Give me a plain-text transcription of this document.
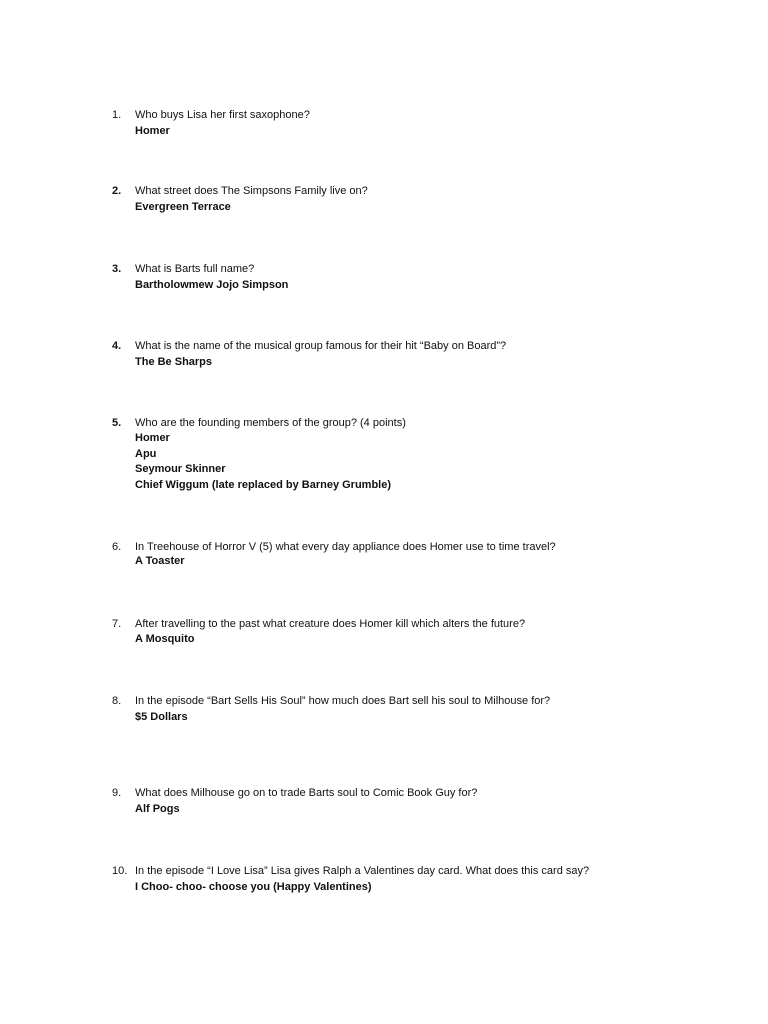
1. Who buys Lisa her first saxophone?
Homer
2. What street does The Simpsons Family live on?
Evergreen Terrace
3. What is Barts full name?
Bartholowmew Jojo Simpson
4. What is the name of the musical group famous for their hit “Baby on Board”?
The Be Sharps
5. Who are the founding members of the group? (4 points)
Homer
Apu
Seymour Skinner
Chief Wiggum (late replaced by Barney Grumble)
6. In Treehouse of Horror V (5) what every day appliance does Homer use to time travel?
A Toaster
7. After travelling to the past what creature does Homer kill which alters the future?
A Mosquito
8. In the episode “Bart Sells His Soul” how much does Bart sell his soul to Milhouse for?
$5 Dollars
9. What does Milhouse go on to trade Barts soul to Comic Book Guy for?
Alf Pogs
10. In the episode “I Love Lisa” Lisa gives Ralph a Valentines day card. What does this card say?
I Choo- choo- choose you (Happy Valentines)
